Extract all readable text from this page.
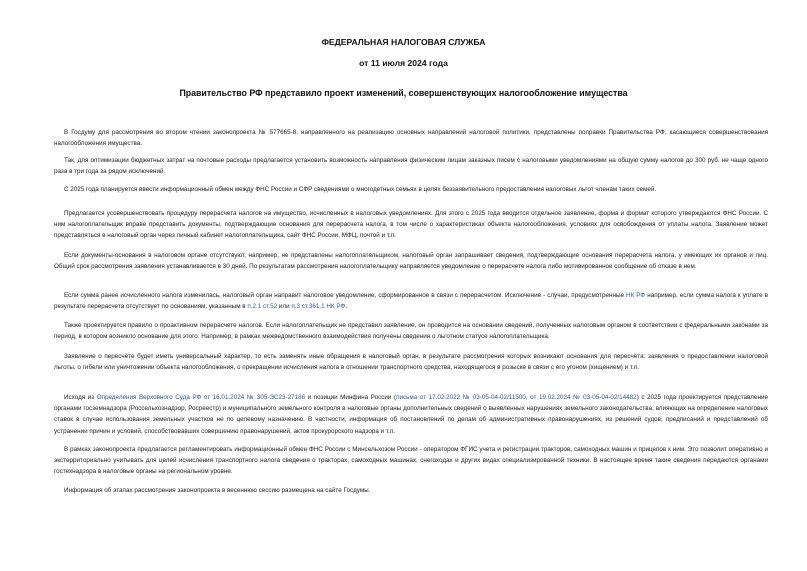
ФЕДЕРАЛЬНАЯ НАЛОГОВАЯ СЛУЖБА
от 11 июля 2024 года
Правительство РФ представило проект изменений, совершенствующих налогообложение имущества

В Госдуму для рассмотрения во втором чтении законопроекта № 577665-8, направленного на реализацию основных направлений налоговой политики, представлены поправки Правительства РФ, касающиеся совершенствования налогообложения имущества.

Так, для оптимизации бюджетных затрат на почтовые расходы предлагается установить возможность направления физическим лицам заказных писем с налоговыми уведомлениями на общую сумму налогов до 300 руб. не чаще одного раза в три года за рядом исключений.

С 2025 года планируется ввести информационный обмен между ФНС России и СФР сведениями о многодетных семьях в целях беззаявительного предоставления налоговых льгот членам таких семей.

Предлагается усовершенствовать процедуру перерасчета налогов на имущество, исчисленных в налоговых уведомлениях. Для этого с 2025 года вводится отдельное заявление, форма и формат которого утверждаются ФНС России. С ним налогоплательщик вправе представить документы, подтверждающие основания для перерасчета налога, в том числе о характеристиках объекта налогообложения, условиях для освобождения от уплаты налога. Заявление может представляться в налоговый орган через личный кабинет налогоплательщика, сайт ФНС России, МФЦ, почтой и т.п.

Если документы-основания в налоговом органе отсутствуют, например, не представлены налогоплательщиком, налоговый орган запрашивает сведения, подтверждающие основания перерасчета налога, у имеющих их органов и лиц. Общий срок рассмотрения заявления устанавливается в 30 дней. По результатам рассмотрения налогоплательщику направляется уведомление о перерасчете налога либо мотивированное сообщение об отказе в нем.

Если сумма ранее исчисленного налога изменилась, налоговый орган направит налоговое уведомление, сформированное в связи с перерасчетом. Исключение - случаи, предусмотренные НК РФ например, если сумма налога к уплате в результате перерасчета отсутствует по основаниям, указанным в п.2.1 ст.52 или п.3 ст.361.1 НК РФ.

Также проектируется правило о проактивном перерасчете налогов. Если налогоплательщик не представил заявление, он проводится на основании сведений, полученных налоговым органом в соответствии с федеральными законами за период, в котором возникло основание для этого. Например, в рамках межведомственного взаимодействия получены сведения о льготном статусе налогоплательщика.

Заявление о пересчёте будет иметь универсальный характер, то есть заменять иные обращения в налоговый орган, в результате рассмотрения которых возникают основания для пересчёта: заявления о предоставлении налоговой льготы, о гибели или уничтожении объекта налогообложения, о прекращении исчисления налога в отношении транспортного средства, находящегося в розыске в связи с его угоном (хищением) и т.п.

Исходя из Определения Верховного Суда РФ от 16.01.2024 № 305-ЭС23-27186 и позиции Минфина России (письма от 17.02.2022 № 03-05-04-02/11500, от 19.02.2024 № 03-05-04-02/14482) с 2025 года проектируется представление органами госземнадзора (Россельхознадзор, Росреестр) и муниципального земельного контроля в налоговые органы дополнительных сведений о выявленных нарушениях земельного законодательства, влияющих на определение налоговых ставок в случае использования земельных участков не по целевому назначению. В частности, информация об постановлений по делам об административных правонарушениях, из решений судов, предписаний и представлений об устранении причин и условий, способствовавших совершению правонарушений, актов прокурорского надзора и т.п.

В рамках законопроекта предлагается регламентировать информационный обмен ФНС России с Минсельхозом России - оператором ФГИС учета и регистрации тракторов, самоходных машин и прицепов к ним. Это позволит оперативно и экстерриториально учитывать для целей исчисления транспортного налога сведения о тракторах, самоходных машинах, снегоходах и других видах специализированной техники. В настоящее время такие сведения передаются органами гостехнадзора в налоговые органы на региональном уровне.

Информация об этапах рассмотрения законопроекта в весеннюю сессию размещена на сайте Госдумы.
